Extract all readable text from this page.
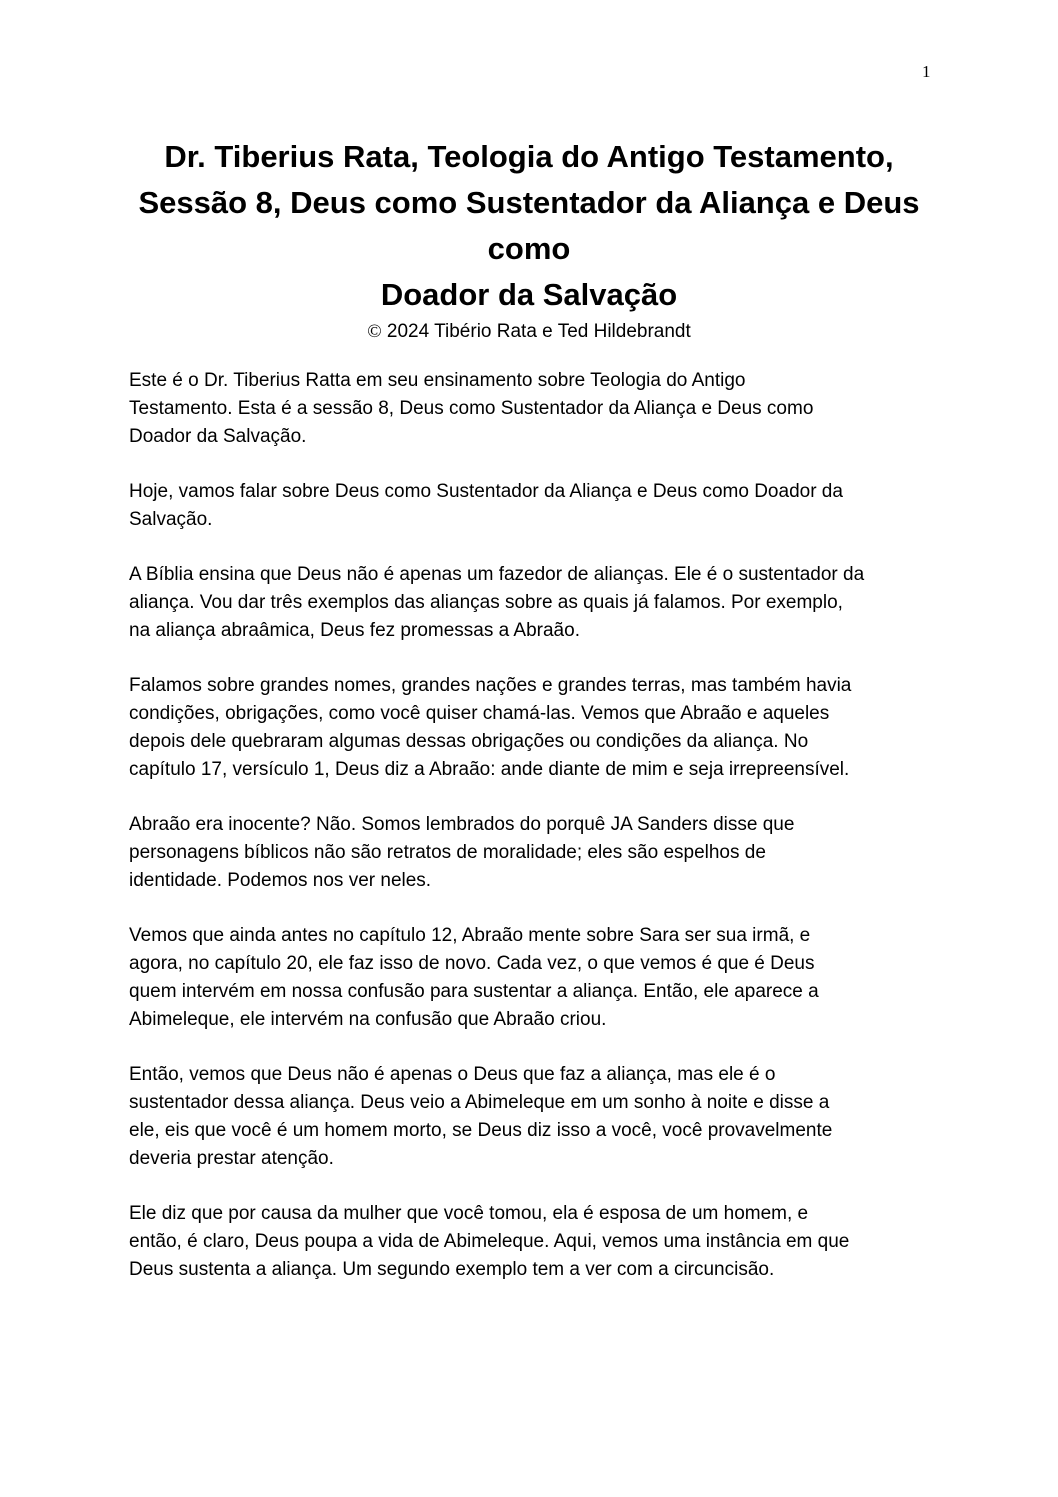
1
Dr. Tiberius Rata, Teologia do Antigo Testamento,
Sessão 8, Deus como Sustentador da Aliança e Deus
como
Doador da Salvação
© 2024 Tibério Rata e Ted Hildebrandt
Este é o Dr. Tiberius Ratta em seu ensinamento sobre Teologia do Antigo
Testamento. Esta é a sessão 8, Deus como Sustentador da Aliança e Deus como
Doador da Salvação.
Hoje, vamos falar sobre Deus como Sustentador da Aliança e Deus como Doador da
Salvação.
A Bíblia ensina que Deus não é apenas um fazedor de alianças. Ele é o sustentador da
aliança. Vou dar três exemplos das alianças sobre as quais já falamos. Por exemplo,
na aliança abraâmica, Deus fez promessas a Abraão.
Falamos sobre grandes nomes, grandes nações e grandes terras, mas também havia
condições, obrigações, como você quiser chamá-las. Vemos que Abraão e aqueles
depois dele quebraram algumas dessas obrigações ou condições da aliança. No
capítulo 17, versículo 1, Deus diz a Abraão: ande diante de mim e seja irrepreensível.
Abraão era inocente? Não. Somos lembrados do porquê JA Sanders disse que
personagens bíblicos não são retratos de moralidade; eles são espelhos de
identidade. Podemos nos ver neles.
Vemos que ainda antes no capítulo 12, Abraão mente sobre Sara ser sua irmã, e
agora, no capítulo 20, ele faz isso de novo. Cada vez, o que vemos é que é Deus
quem intervém em nossa confusão para sustentar a aliança. Então, ele aparece a
Abimeleque, ele intervém na confusão que Abraão criou.
Então, vemos que Deus não é apenas o Deus que faz a aliança, mas ele é o
sustentador dessa aliança. Deus veio a Abimeleque em um sonho à noite e disse a
ele, eis que você é um homem morto, se Deus diz isso a você, você provavelmente
deveria prestar atenção.
Ele diz que por causa da mulher que você tomou, ela é esposa de um homem, e
então, é claro, Deus poupa a vida de Abimeleque. Aqui, vemos uma instância em que
Deus sustenta a aliança. Um segundo exemplo tem a ver com a circuncisão.
